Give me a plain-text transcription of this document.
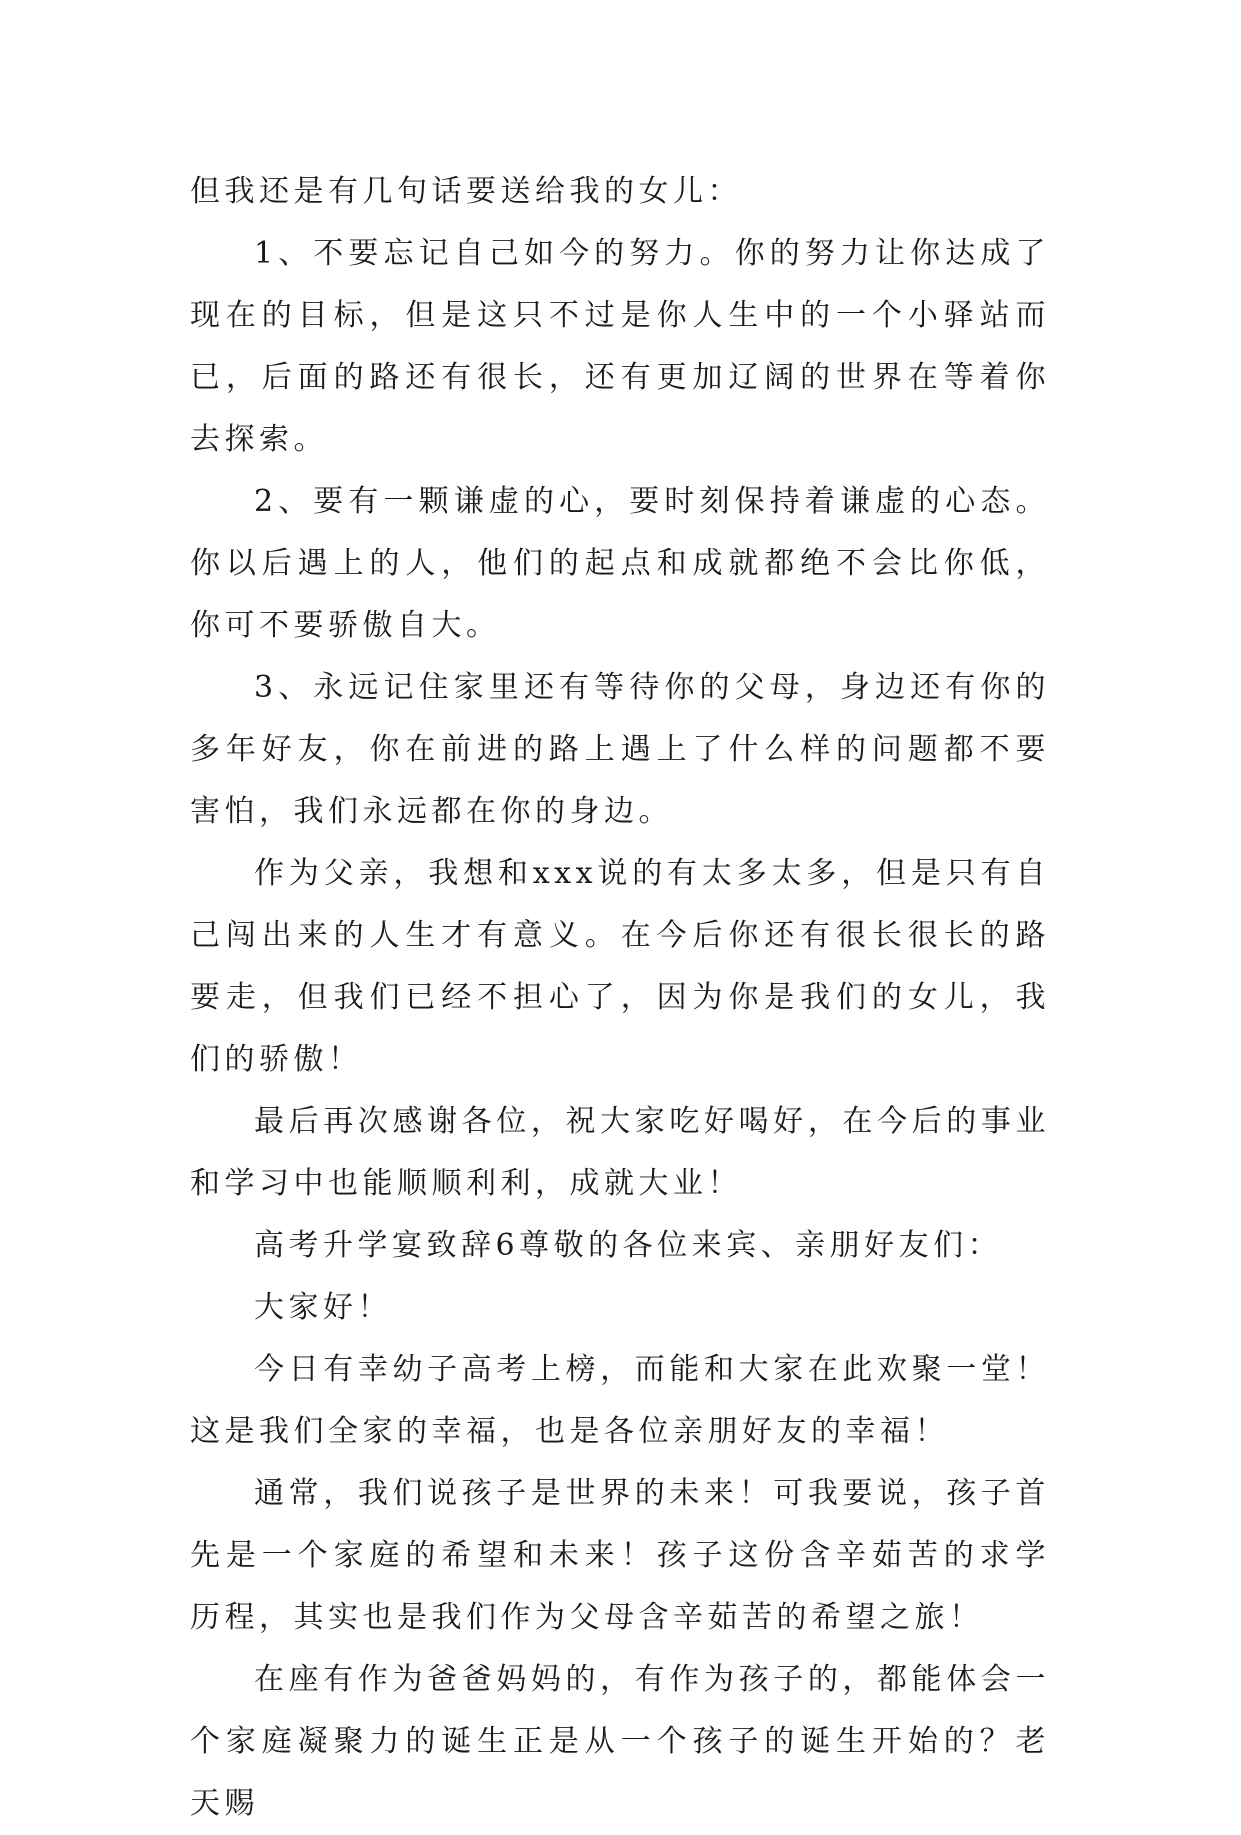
但我还是有几句话要送给我的女儿：

1、不要忘记自己如今的努力。你的努力让你达成了现在的目标，但是这只不过是你人生中的一个小驿站而已，后面的路还有很长，还有更加辽阔的世界在等着你去探索。

2、要有一颗谦虚的心，要时刻保持着谦虚的心态。你以后遇上的人，他们的起点和成就都绝不会比你低，你可不要骄傲自大。

3、永远记住家里还有等待你的父母，身边还有你的多年好友，你在前进的路上遇上了什么样的问题都不要害怕，我们永远都在你的身边。

作为父亲，我想和xxx说的有太多太多，但是只有自己闯出来的人生才有意义。在今后你还有很长很长的路要走，但我们已经不担心了，因为你是我们的女儿，我们的骄傲！

最后再次感谢各位，祝大家吃好喝好，在今后的事业和学习中也能顺顺利利，成就大业！

高考升学宴致辞6尊敬的各位来宾、亲朋好友们：

大家好！

今日有幸幼子高考上榜，而能和大家在此欢聚一堂！这是我们全家的幸福，也是各位亲朋好友的幸福！

通常，我们说孩子是世界的未来！可我要说，孩子首先是一个家庭的希望和未来！孩子这份含辛茹苦的求学历程，其实也是我们作为父母含辛茹苦的希望之旅！

在座有作为爸爸妈妈的，有作为孩子的，都能体会一个家庭凝聚力的诞生正是从一个孩子的诞生开始的？老天赐
